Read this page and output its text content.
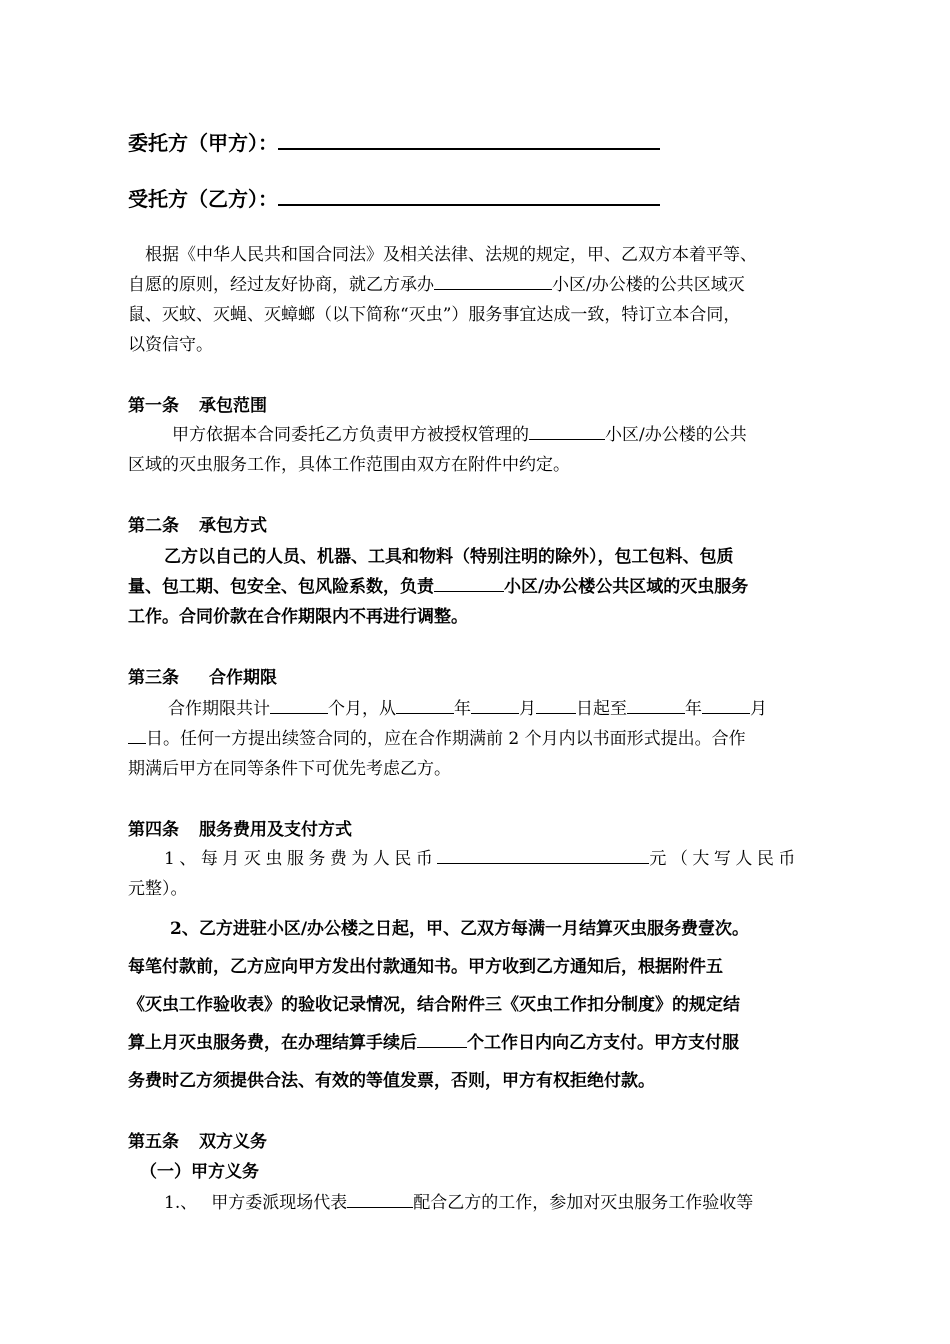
委托方（甲方）：
受托方（乙方）：
根据《中华人民共和国合同法》及相关法律、法规的规定，甲、乙双方本着平等、
自愿的原则，经过友好协商，就乙方承办	小区/办公楼的公共区域灭
鼠、灭蚊、灭蝇、灭蟑螂（以下简称“灭虫”）服务事宜达成一致，特订立本合同，
以资信守。
第一条 承包范围
甲方依据本合同委托乙方负责甲方被授权管理的	小区/办公楼的公共
区域的灭虫服务工作，具体工作范围由双方在附件中约定。
第二条 承包方式
乙方以自己的人员、机器、工具和物料（特别注明的除外），包工包料、包质
量、包工期、包安全、包风险系数，负责	小区/办公楼公共区域的灭虫服务
工作。合同价款在合作期限内不再进行调整。
第三条 合作期限
合作期限共计	个月，从	年	月 日起至	年	月
日。任何一方提出续签合同的，应在合作期满前 2 个月内以书面形式提出。合作
期满后甲方在同等条件下可优先考虑乙方。
第四条 服务费用及支付方式
1、每月灭虫服务费为人民币	元（大写人民币
元整）。
2、乙方进驻小区/办公楼之日起，甲、乙双方每满一月结算灭虫服务费壹次。
每笔付款前，乙方应向甲方发出付款通知书。甲方收到乙方通知后，根据附件五
《灭虫工作验收表》的验收记录情况，结合附件三《灭虫工作扣分制度》的规定结
算上月灭虫服务费，在办理结算手续后	个工作日内向乙方支付。甲方支付服
务费时乙方须提供合法、有效的等值发票，否则，甲方有权拒绝付款。
第五条 双方义务
（一）甲方义务
1.、 甲方委派现场代表	配合乙方的工作，参加对灭虫服务工作验收等
